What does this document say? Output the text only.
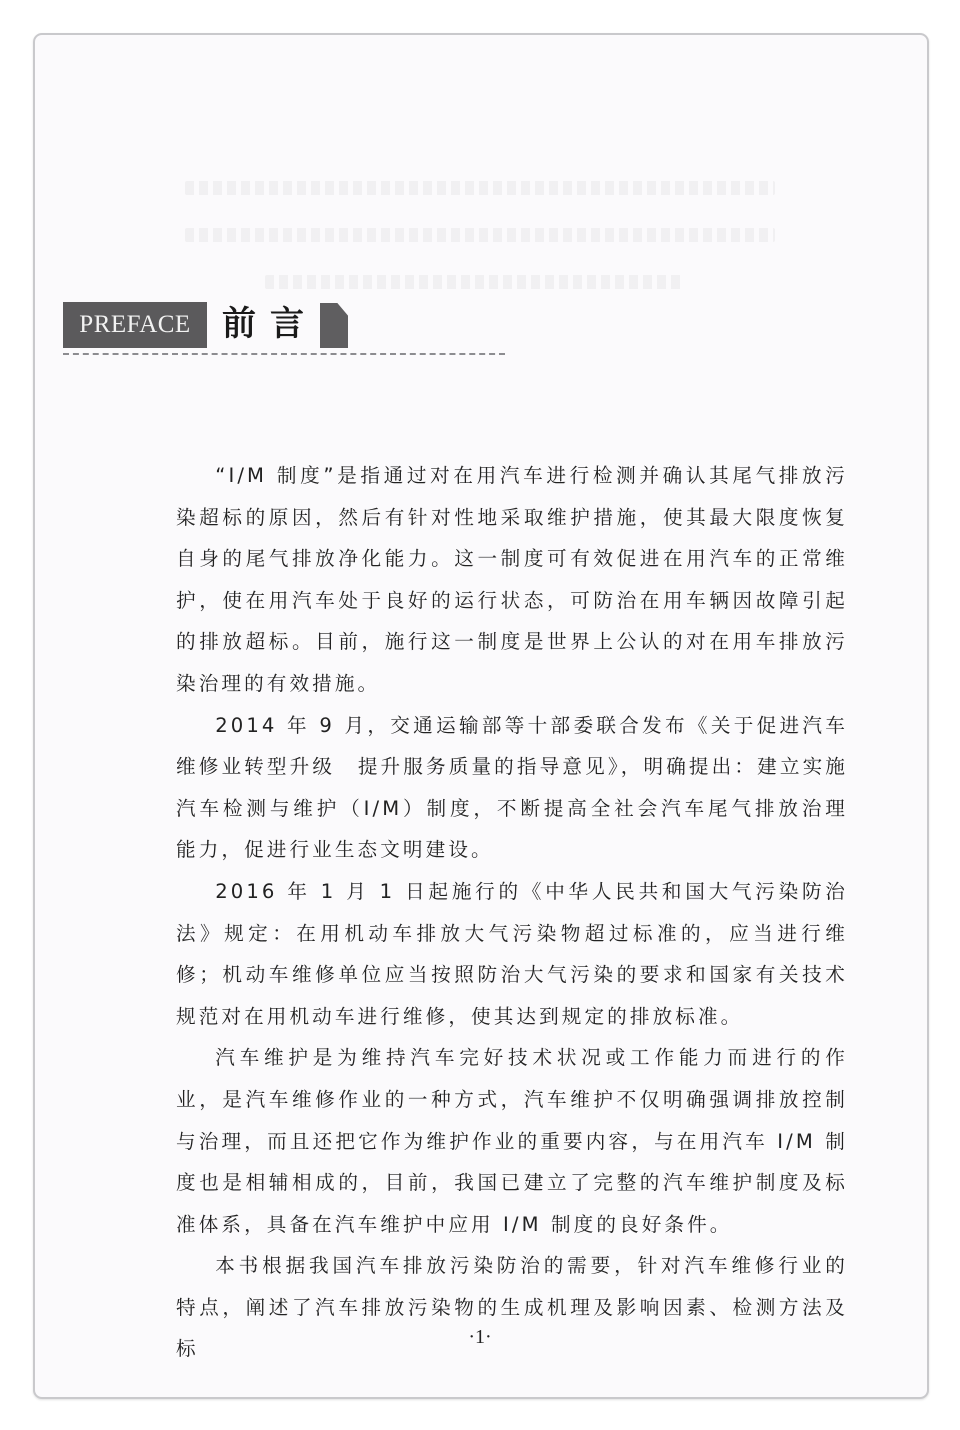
PREFACE 前言

“I/M 制度”是指通过对在用汽车进行检测并确认其尾气排放污染超标的原因，然后有针对性地采取维护措施，使其最大限度恢复自身的尾气排放净化能力。这一制度可有效促进在用汽车的正常维护，使在用汽车处于良好的运行状态，可防治在用车辆因故障引起的排放超标。目前，施行这一制度是世界上公认的对在用车排放污染治理的有效措施。

2014 年 9 月，交通运输部等十部委联合发布《关于促进汽车维修业转型升级　提升服务质量的指导意见》，明确提出：建立实施汽车检测与维护（I/M）制度，不断提高全社会汽车尾气排放治理能力，促进行业生态文明建设。

2016 年 1 月 1 日起施行的《中华人民共和国大气污染防治法》规定：在用机动车排放大气污染物超过标准的，应当进行维修；机动车维修单位应当按照防治大气污染的要求和国家有关技术规范对在用机动车进行维修，使其达到规定的排放标准。

汽车维护是为维持汽车完好技术状况或工作能力而进行的作业，是汽车维修作业的一种方式，汽车维护不仅明确强调排放控制与治理，而且还把它作为维护作业的重要内容，与在用汽车 I/M 制度也是相辅相成的，目前，我国已建立了完整的汽车维护制度及标准体系，具备在汽车维护中应用 I/M 制度的良好条件。

本书根据我国汽车排放污染防治的需要，针对汽车维修行业的特点，阐述了汽车排放污染物的生成机理及影响因素、检测方法及标

·1·
